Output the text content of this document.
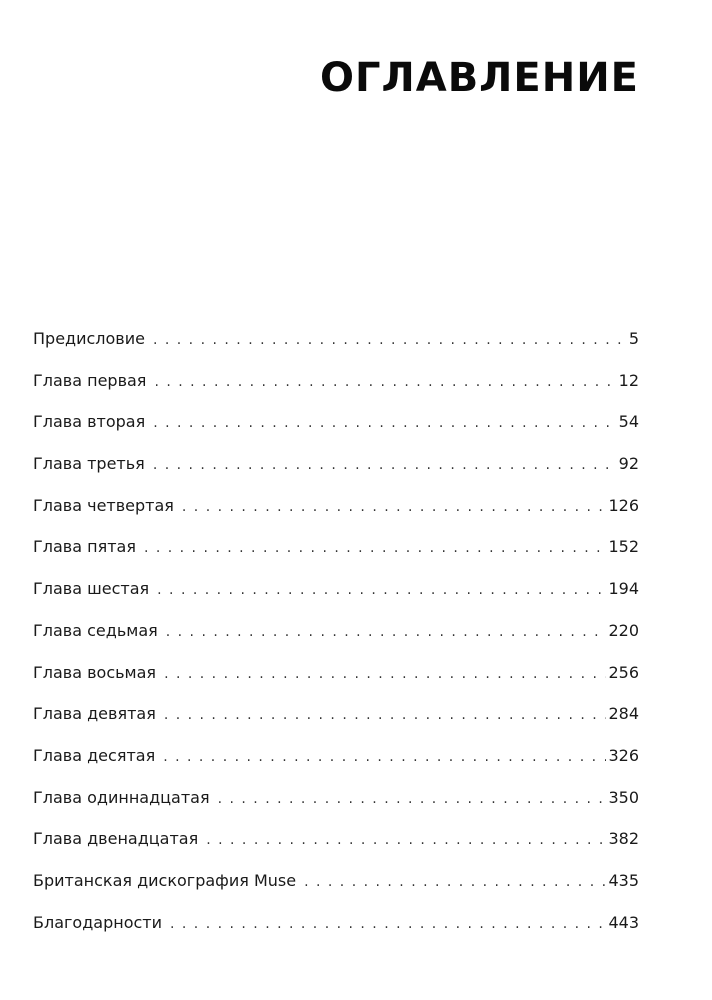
ОГЛАВЛЕНИЕ
Предисловие . . .	5
Глава первая . . .	12
Глава вторая . . .	54
Глава третья . . .	92
Глава четвертая . . .	126
Глава пятая . . .	152
Глава шестая . . .	194
Глава седьмая . . .	220
Глава восьмая . . .	256
Глава девятая . . .	284
Глава десятая . . .	326
Глава одиннадцатая . . .	350
Глава двенадцатая . . .	382
Британская дискография Muse . . .	435
Благодарности . . .	443
